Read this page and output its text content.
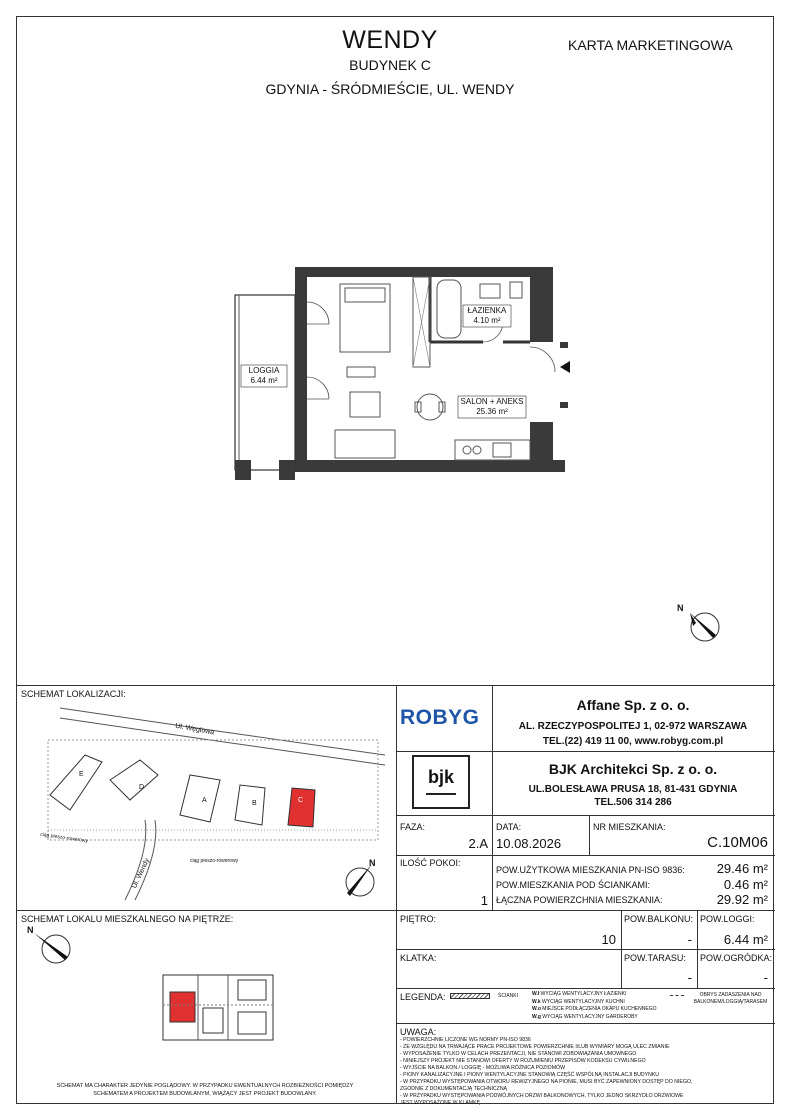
WENDY
BUDYNEK C
GDYNIA - ŚRÓDMIEŚCIE, UL. WENDY
KARTA MARKETINGOWA
ŁAZIENKA
4.10 m²
LOGGIA
6.44 m²
SALON + ANEKS
25.36 m²
N
SCHEMAT LOKALIZACJI:
Ul. Węglowa
Ul. Wendy
ciąg pieszo-rowerowy
ciąg pieszo-rowerowy
E
D
A	B	C
N
SCHEMAT LOKALU MIESZKALNEGO NA PIĘTRZE:
N
SCHEMAT MA CHARAKTER JEDYNIE POGLĄDOWY. W PRZYPADKU EWENTUALNYCH ROZBIEŻNOŚCI POMIĘDZY
SCHEMATEM A PROJEKTEM BUDOWLANYM, WIĄŻĄCY JEST PROJEKT BUDOWLANY.
ROBYG
Affane Sp. z o. o.
AL. RZECZYPOSPOLITEJ 1, 02-972 WARSZAWA
TEL.(22) 419 11 00, www.robyg.com.pl
bjk	BJK Architekci Sp. z o. o.
UL.BOLESŁAWA PRUSA 18, 81-431 GDYNIA
TEL.506 314 286
FAZA:
2.A
DATA:
10.08.2026
NR MIESZKANIA:
C.10M06
ILOŚĆ POKOI:
1
POW.UŻYTKOWA MIESZKANIA PN-ISO 9836:	29.46 m²
POW.MIESZKANIA POD ŚCIANKAMI:	0.46 m²
ŁĄCZNA POWIERZCHNIA MIESZKANIA:	29.92 m²
PIĘTRO:
10
POW.BALKONU:
-
POW.LOGGI:
6.44 m²
KLATKA:	POW.TARASU:
-
POW.OGRÓDKA:
-
LEGENDA:	ŚCIANKI	W.ł WYCIĄG WENTYLACYJNY ŁAZIENKI
W.k WYCIĄG WENTYLACYJNY KUCHNI
W.o MIEJSCE PODŁĄCZENIA OKAPU KUCHENNEGO
W.g WYCIĄG WENTYLACYJNY GARDEROBY
OBRYS ZADASZENIA NAD
BALKONEM/LOGGIĄ/TARASEM
UWAGA:
- POWIERZCHNIE LICZONE WG NORMY PN-ISO 9836
- ZE WZGLĘDU NA TRWAJĄCE PRACE PROJEKTOWE POWIERZCHNIE I/LUB WYMIARY MOGĄ ULEC ZMIANIE
- WYPOSAŻENIE TYLKO W CELACH PREZENTACJI, NIE STANOWI ZOBOWIĄZANIA UMOWNEGO
- NINIEJSZY PROJEKT NIE STANOWI OFERTY W ROZUMIENIU PRZEPISÓW KODEKSU CYWILNEGO
- WYJŚCIE NA BALKON / LOGGIĘ - MOŻLIWA RÓŻNICA POZIOMÓW
- PIONY KANALIZACYJNE I PIONY WENTYLACYJNE STANOWIĄ CZĘŚĆ WSPÓLNĄ INSTALACJI BUDYNKU
- W PRZYPADKU WYSTĘPOWANIA OTWORU REWIZYJNEGO NA PIONIE, MUSI BYĆ ZAPEWNIONY DOSTĘP DO NIEGO,
ZGODNIE Z DOKUMENTACJĄ TECHNICZNĄ
- W PRZYPADKU WYSTĘPOWANIA PODWÓJNYCH DRZWI BALKONOWYCH, TYLKO JEDNO SKRZYDŁO DRZWIOWE
JEST WYPOSAŻONE W KLAMKĘ
